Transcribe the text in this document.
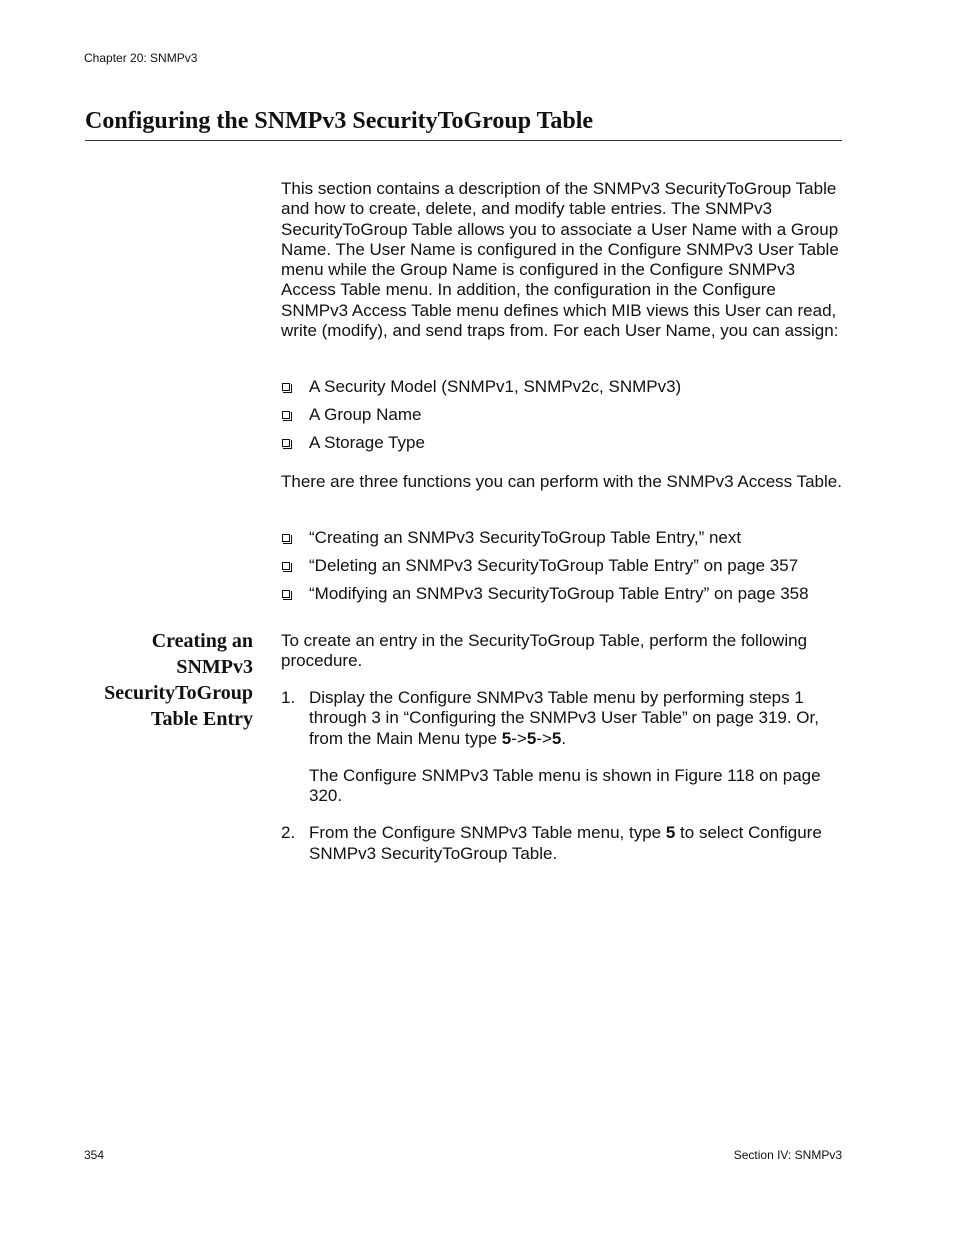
Chapter 20: SNMPv3
Configuring the SNMPv3 SecurityToGroup Table

This section contains a description of the SNMPv3 SecurityToGroup Table and how to create, delete, and modify table entries. The SNMPv3 SecurityToGroup Table allows you to associate a User Name with a Group Name. The User Name is configured in the Configure SNMPv3 User Table menu while the Group Name is configured in the Configure SNMPv3 Access Table menu. In addition, the configuration in the Configure SNMPv3 Access Table menu defines which MIB views this User can read, write (modify), and send traps from. For each User Name, you can assign:

A Security Model (SNMPv1, SNMPv2c, SNMPv3)
A Group Name
A Storage Type

There are three functions you can perform with the SNMPv3 Access Table.

“Creating an SNMPv3 SecurityToGroup Table Entry,” next
“Deleting an SNMPv3 SecurityToGroup Table Entry” on page 357
“Modifying an SNMPv3 SecurityToGroup Table Entry” on page 358
Creating an
SNMPv3
SecurityToGroup
Table Entry

To create an entry in the SecurityToGroup Table, perform the following procedure.

1. Display the Configure SNMPv3 Table menu by performing steps 1 through 3 in “Configuring the SNMPv3 User Table” on page 319. Or, from the Main Menu type 5->5->5.

The Configure SNMPv3 Table menu is shown in Figure 118 on page 320.

2. From the Configure SNMPv3 Table menu, type 5 to select Configure SNMPv3 SecurityToGroup Table.

354	Section IV: SNMPv3
